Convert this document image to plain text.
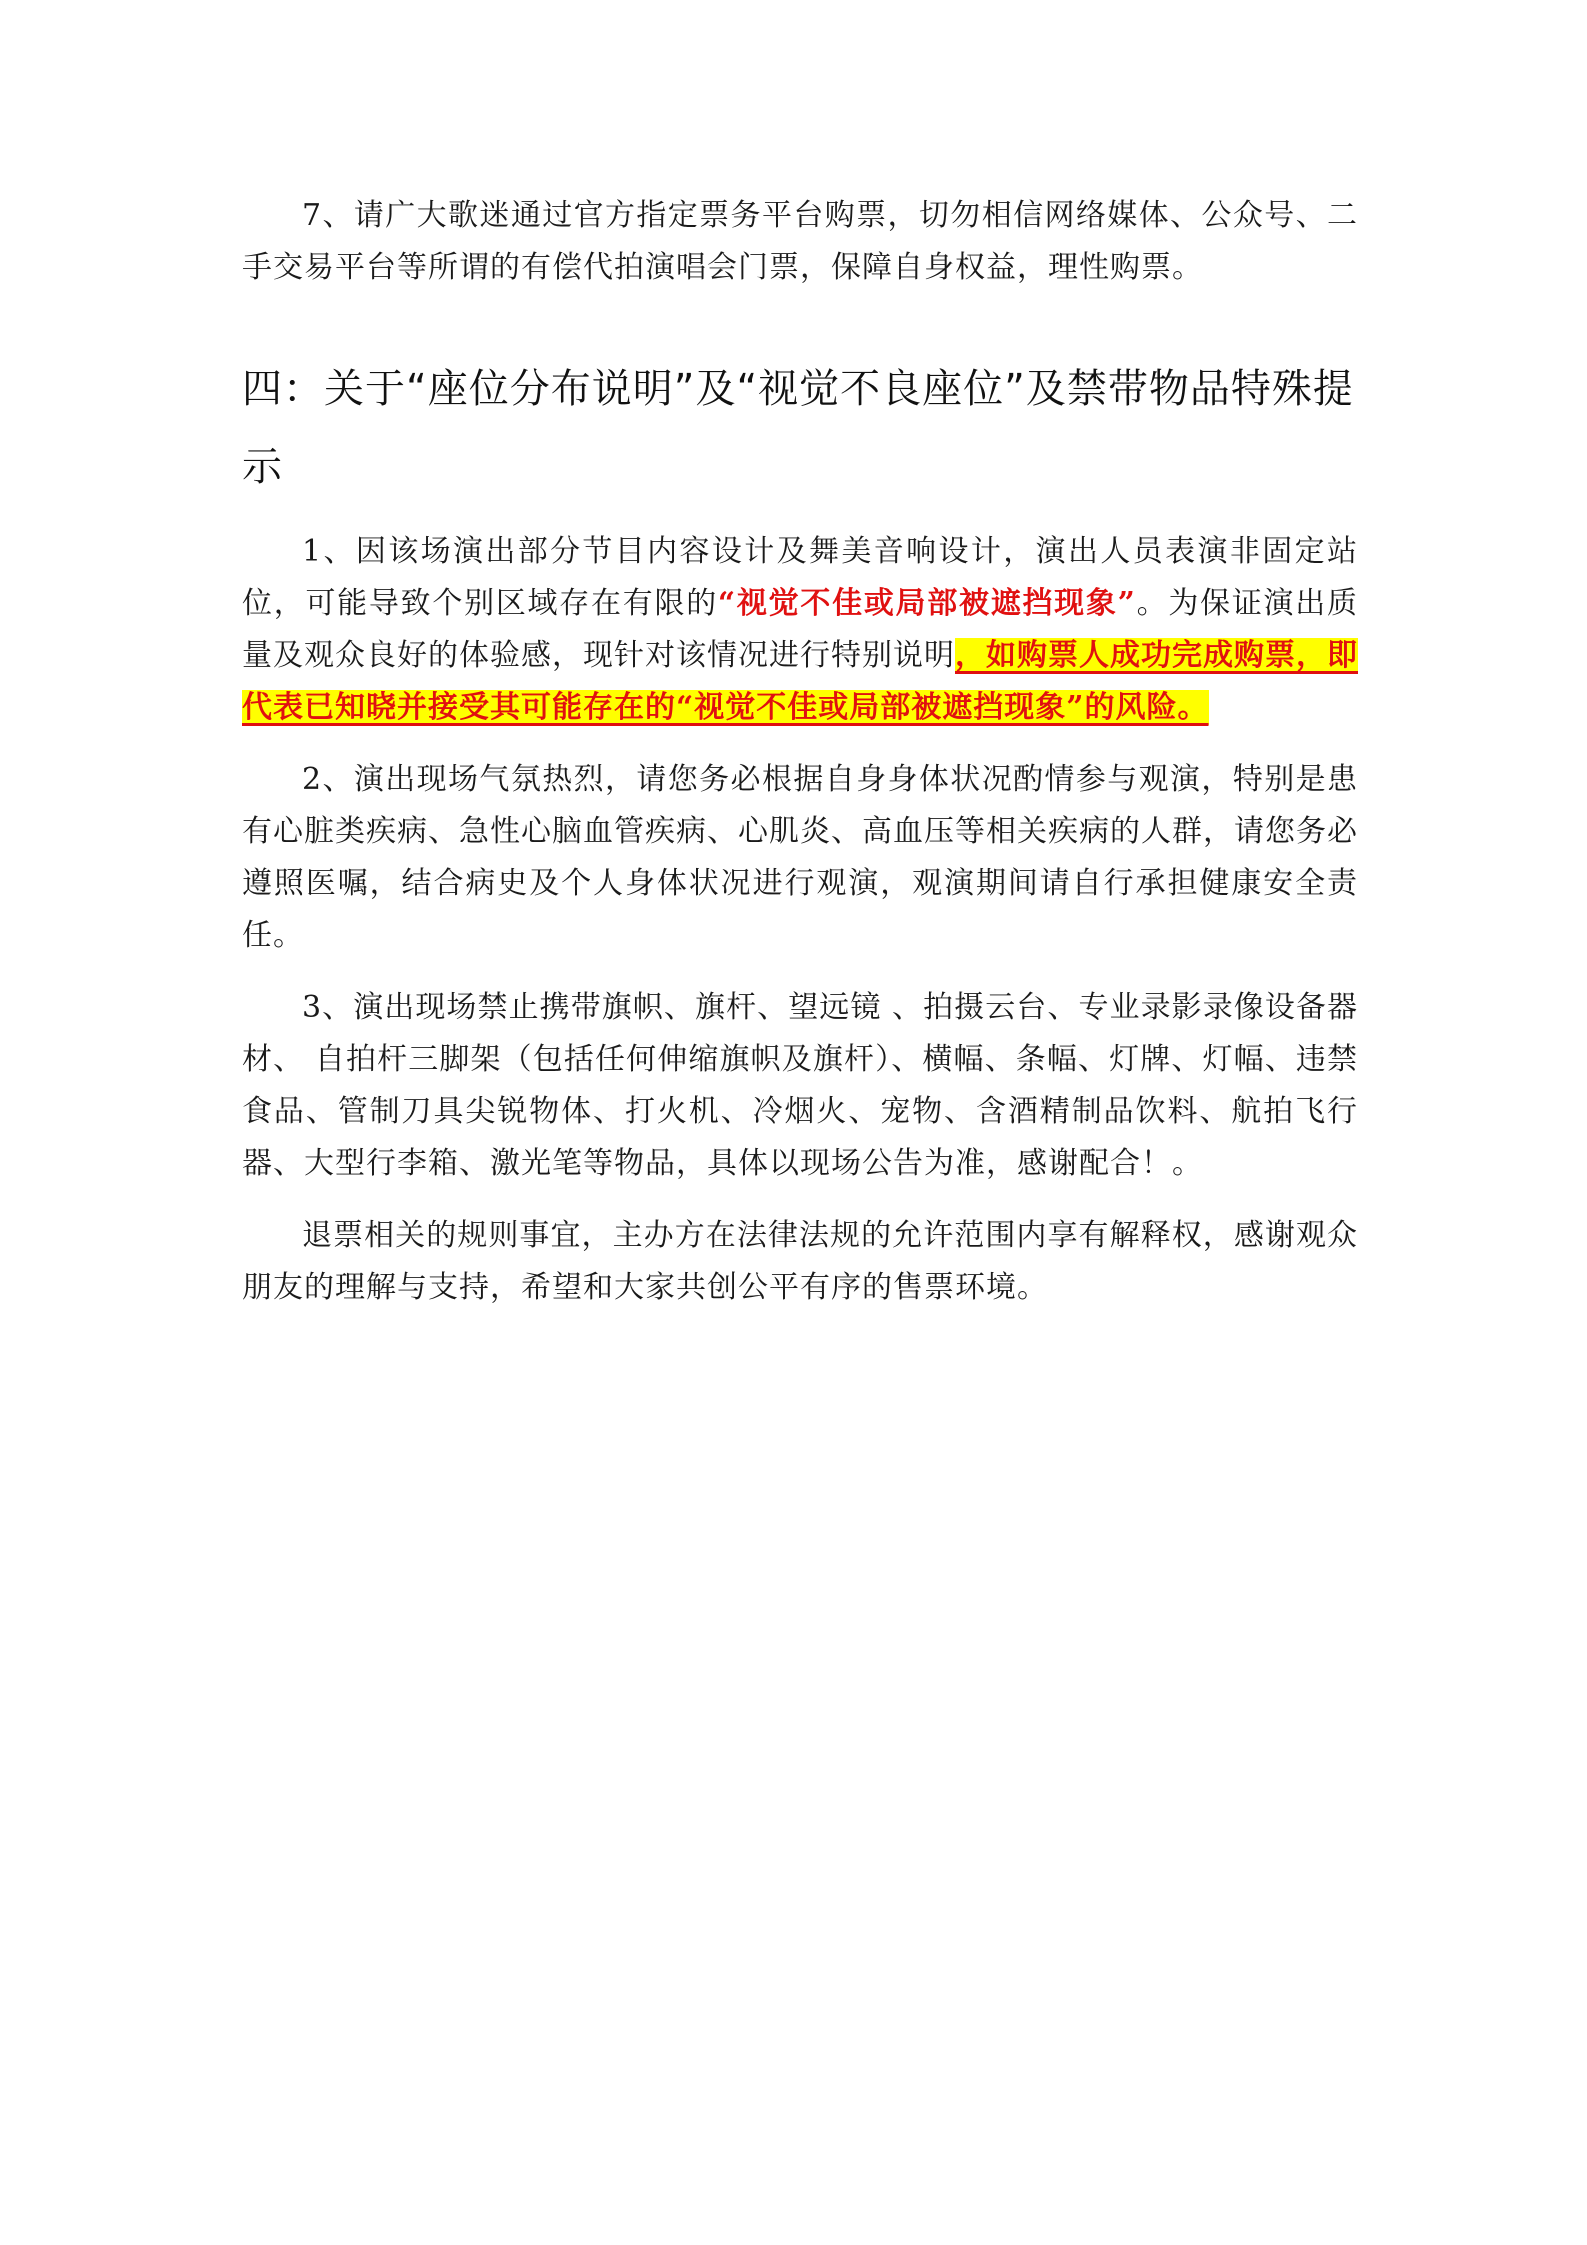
7、请广大歌迷通过官方指定票务平台购票，切勿相信网络媒体、公众号、二手交易平台等所谓的有偿代拍演唱会门票，保障自身权益，理性购票。

四：关于“座位分布说明”及“视觉不良座位”及禁带物品特殊提示

1、因该场演出部分节目内容设计及舞美音响设计，演出人员表演非固定站位，可能导致个别区域存在有限的“视觉不佳或局部被遮挡现象”。为保证演出质量及观众良好的体验感，现针对该情况进行特别说明，如购票人成功完成购票，即代表已知晓并接受其可能存在的“视觉不佳或局部被遮挡现象”的风险。

2、演出现场气氛热烈，请您务必根据自身身体状况酌情参与观演，特别是患有心脏类疾病、急性心脑血管疾病、心肌炎、高血压等相关疾病的人群，请您务必遵照医嘱，结合病史及个人身体状况进行观演，观演期间请自行承担健康安全责任。

3、演出现场禁止携带旗帜、旗杆、望远镜 、拍摄云台、专业录影录像设备器材、 自拍杆三脚架（包括任何伸缩旗帜及旗杆）、横幅、条幅、灯牌、灯幅、违禁食品、管制刀具尖锐物体、打火机、冷烟火、宠物、含酒精制品饮料、航拍飞行器、大型行李箱、激光笔等物品，具体以现场公告为准，感谢配合！。

退票相关的规则事宜，主办方在法律法规的允许范围内享有解释权，感谢观众朋友的理解与支持，希望和大家共创公平有序的售票环境。
